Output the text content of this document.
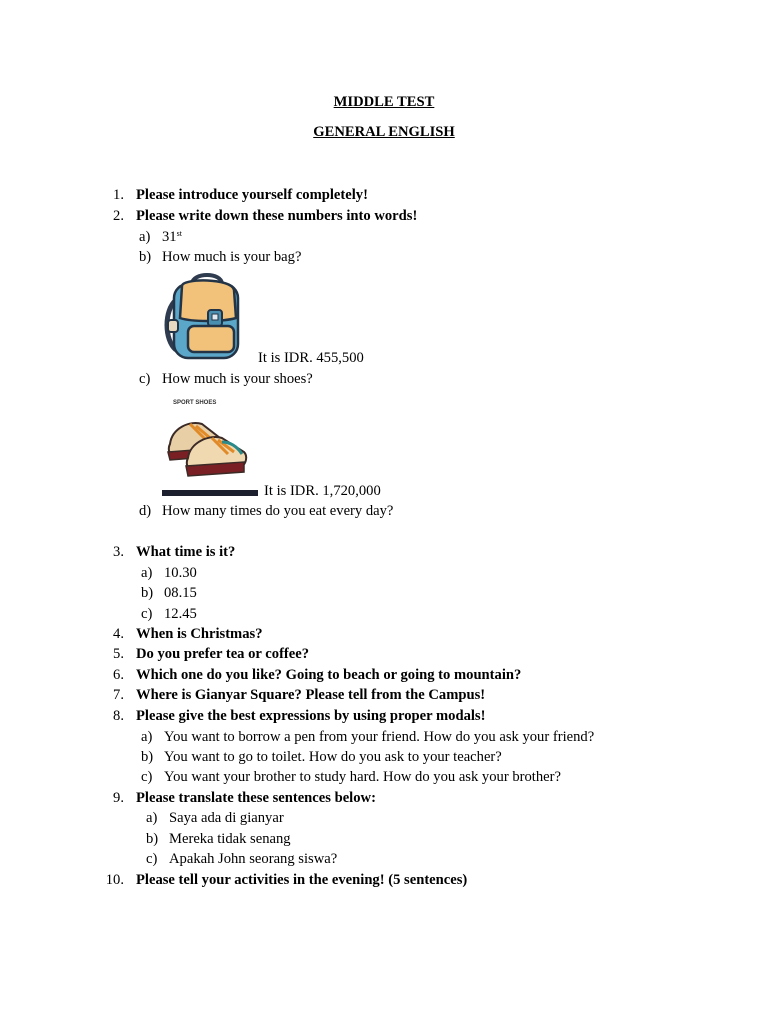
MIDDLE TEST
GENERAL ENGLISH
1. Please introduce yourself completely!
2. Please write down these numbers into words!
a) 31st
b) How much is your bag?
It is IDR. 455,500
c) How much is your shoes?
SPORT SHOES
It is IDR. 1,720,000
d) How many times do you eat every day?
3. What time is it?
a) 10.30
b) 08.15
c) 12.45
4. When is Christmas?
5. Do you prefer tea or coffee?
6. Which one do you like? Going to beach or going to mountain?
7. Where is Gianyar Square? Please tell from the Campus!
8. Please give the best expressions by using proper modals!
a) You want to borrow a pen from your friend. How do you ask your friend?
b) You want to go to toilet. How do you ask to your teacher?
c) You want your brother to study hard. How do you ask your brother?
9. Please translate these sentences below:
a) Saya ada di gianyar
b) Mereka tidak senang
c) Apakah John seorang siswa?
10. Please tell your activities in the evening! (5 sentences)
